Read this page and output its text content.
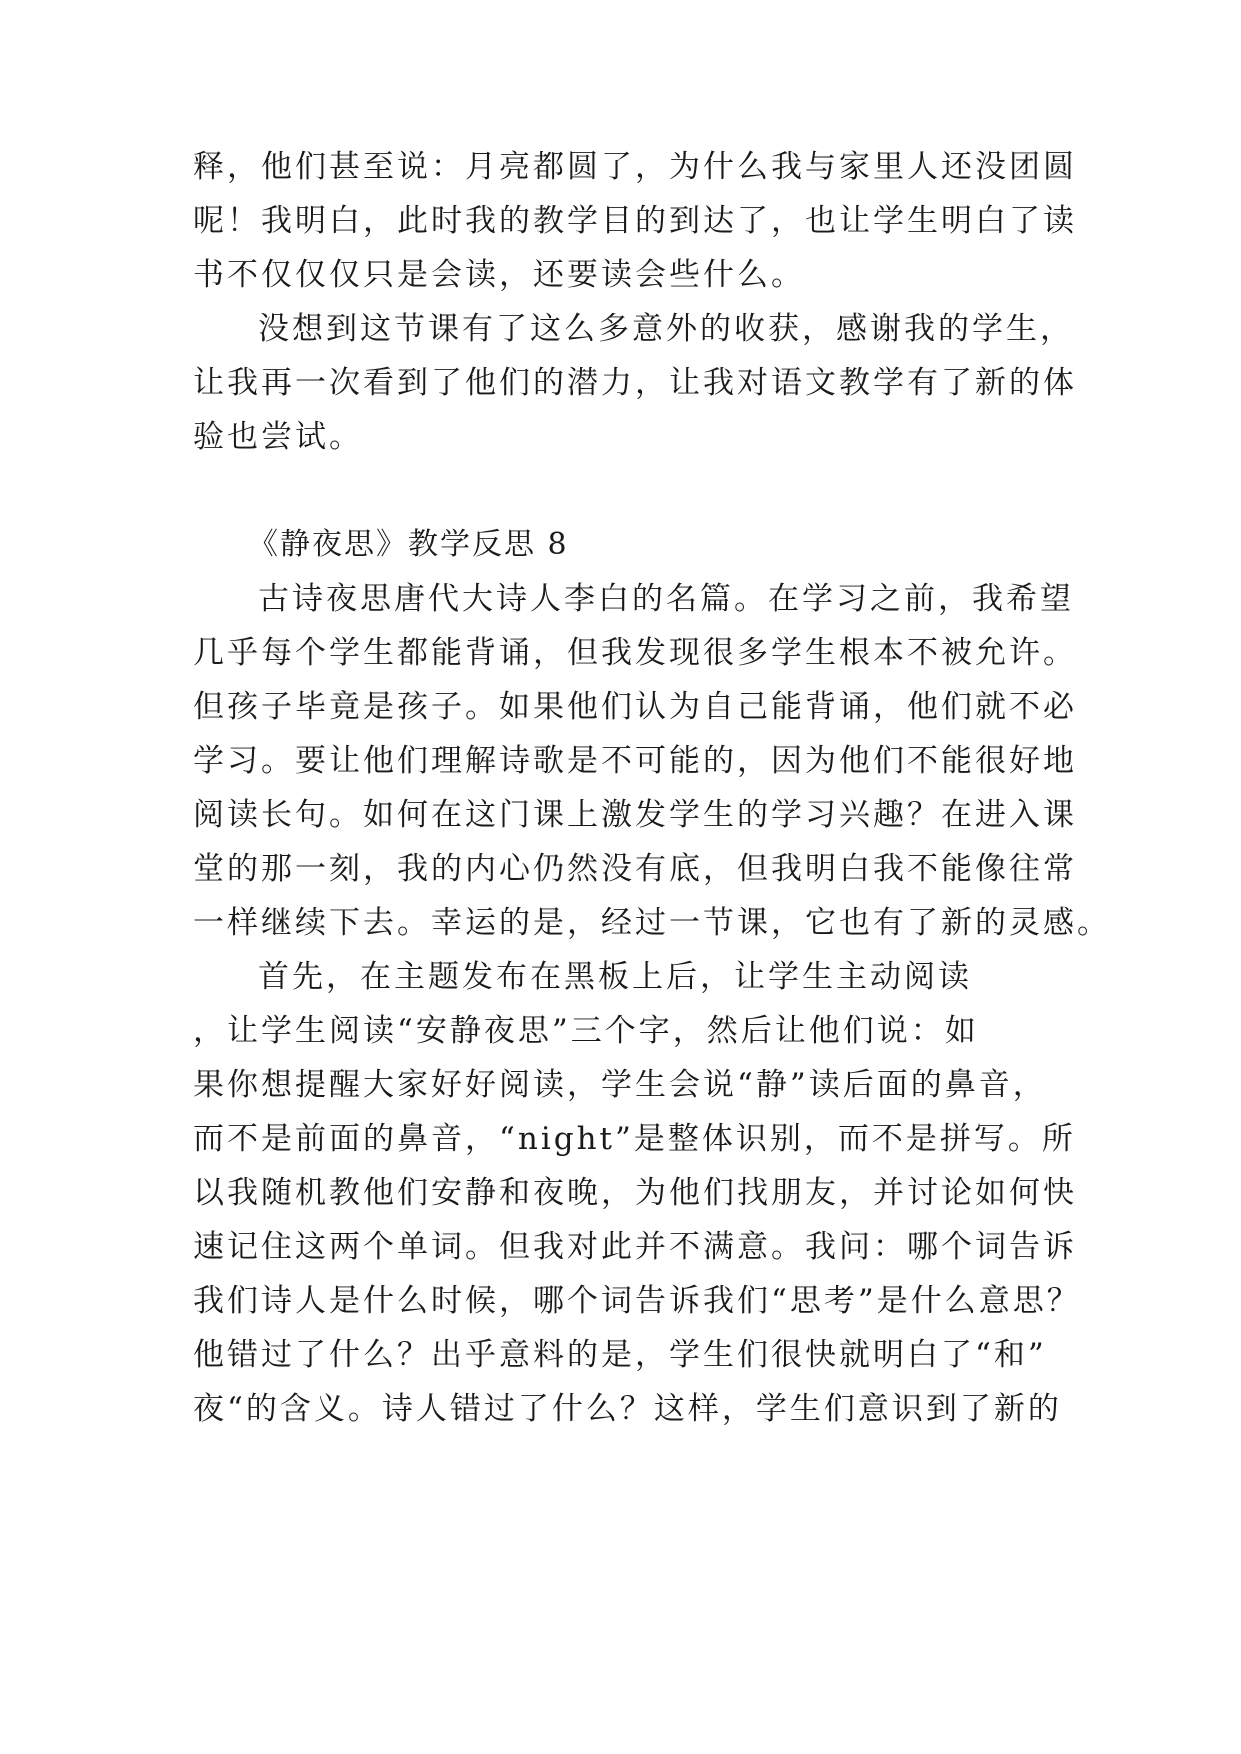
释，他们甚至说：月亮都圆了，为什么我与家里人还没团圆
呢！我明白，此时我的教学目的到达了，也让学生明白了读
书不仅仅仅只是会读，还要读会些什么。
没想到这节课有了这么多意外的收获，感谢我的学生，
让我再一次看到了他们的潜力，让我对语文教学有了新的体
验也尝试。
《静夜思》教学反思 8
古诗夜思唐代大诗人李白的名篇。在学习之前，我希望
几乎每个学生都能背诵，但我发现很多学生根本不被允许。
但孩子毕竟是孩子。如果他们认为自己能背诵，他们就不必
学习。要让他们理解诗歌是不可能的，因为他们不能很好地
阅读长句。如何在这门课上激发学生的学习兴趣？在进入课
堂的那一刻，我的内心仍然没有底，但我明白我不能像往常
一样继续下去。幸运的是，经过一节课，它也有了新的灵感。
首先，在主题发布在黑板上后，让学生主动阅读
，让学生阅读“安静夜思”三个字，然后让他们说：如
果你想提醒大家好好阅读，学生会说“静”读后面的鼻音，
而不是前面的鼻音，“night”是整体识别，而不是拼写。所
以我随机教他们安静和夜晚，为他们找朋友，并讨论如何快
速记住这两个单词。但我对此并不满意。我问：哪个词告诉
我们诗人是什么时候，哪个词告诉我们“思考”是什么意思？
他错过了什么？出乎意料的是，学生们很快就明白了“和”
夜“的含义。诗人错过了什么？这样，学生们意识到了新的
